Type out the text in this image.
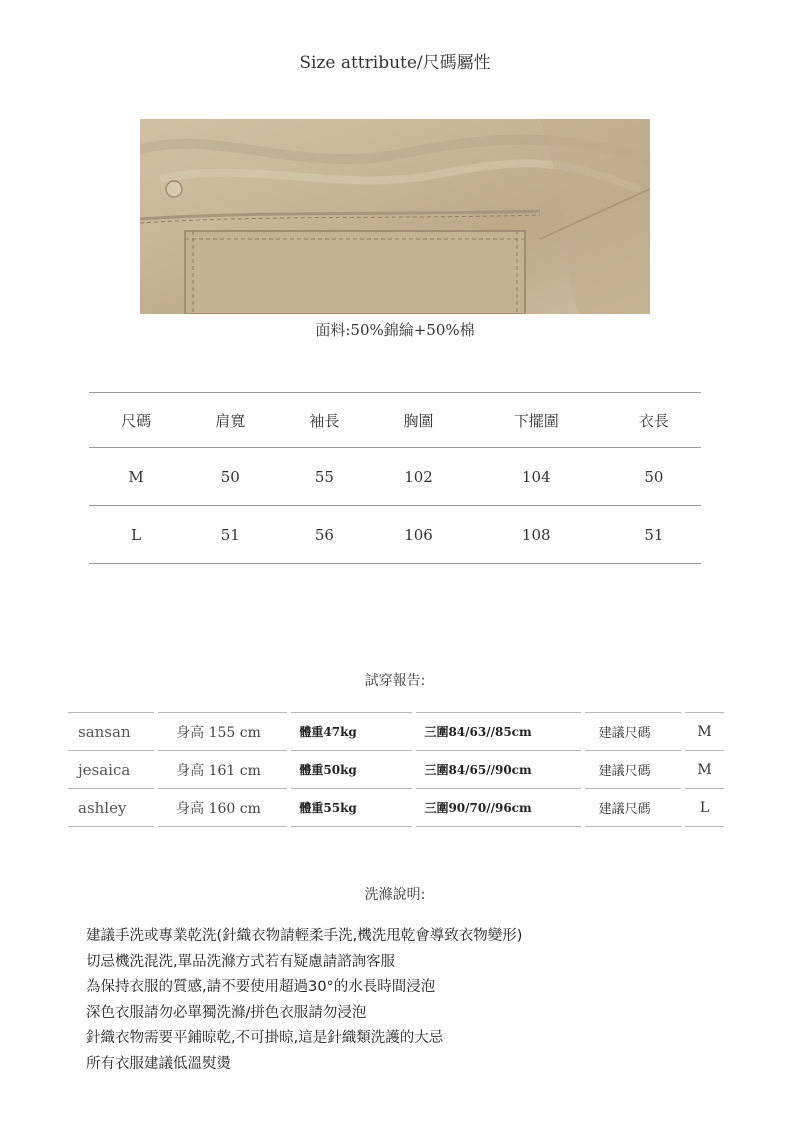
Size attribute/尺碼屬性
面料:50%錦綸+50%棉
尺碼	肩寬	袖長	胸圍	下擺圍	衣長
M	50	55	102	104	50
L	51	56	106	108	51
試穿報告:
sansan	身高 155 cm	體重47kg	三圍84/63//85cm	建議尺碼	M
jesaica	身高 161 cm	體重50kg	三圍84/65//90cm	建議尺碼	M
ashley	身高 160 cm	體重55kg	三圍90/70//96cm	建議尺碼	L
洗滌說明:
建議手洗或專業乾洗(針織衣物請輕柔手洗,機洗甩乾會導致衣物變形)
切忌機洗混洗,單品洗滌方式若有疑慮請諮詢客服
為保持衣服的質感,請不要使用超過30°的水長時間浸泡
深色衣服請勿必單獨洗滌/拼色衣服請勿浸泡
針織衣物需要平鋪晾乾,不可掛晾,這是針織類洗護的大忌
所有衣服建議低溫熨燙
